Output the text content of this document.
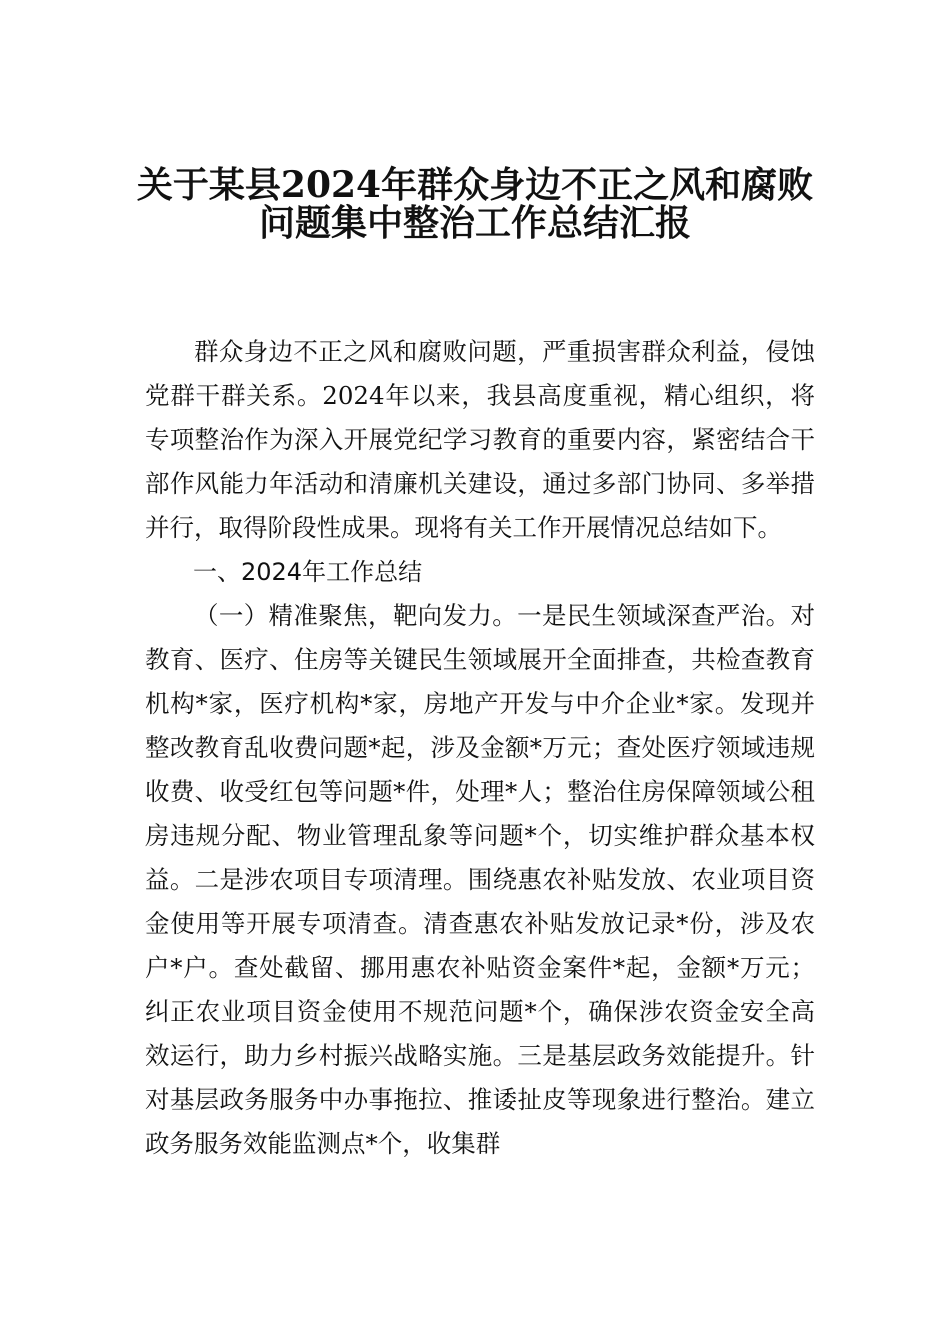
关于某县2024年群众身边不正之风和腐败
问题集中整治工作总结汇报

群众身边不正之风和腐败问题，严重损害群众利益，侵蚀党群干群关系。2024年以来，我县高度重视，精心组织，将专项整治作为深入开展党纪学习教育的重要内容，紧密结合干部作风能力年活动和清廉机关建设，通过多部门协同、多举措并行，取得阶段性成果。现将有关工作开展情况总结如下。

一、2024年工作总结

（一）精准聚焦，靶向发力。一是民生领域深查严治。对教育、医疗、住房等关键民生领域展开全面排查，共检查教育机构*家，医疗机构*家，房地产开发与中介企业*家。发现并整改教育乱收费问题*起，涉及金额*万元；查处医疗领域违规收费、收受红包等问题*件，处理*人；整治住房保障领域公租房违规分配、物业管理乱象等问题*个，切实维护群众基本权益。二是涉农项目专项清理。围绕惠农补贴发放、农业项目资金使用等开展专项清查。清查惠农补贴发放记录*份，涉及农户*户。查处截留、挪用惠农补贴资金案件*起，金额*万元；纠正农业项目资金使用不规范问题*个，确保涉农资金安全高效运行，助力乡村振兴战略实施。三是基层政务效能提升。针对基层政务服务中办事拖拉、推诿扯皮等现象进行整治。建立政务服务效能监测点*个，收集群
